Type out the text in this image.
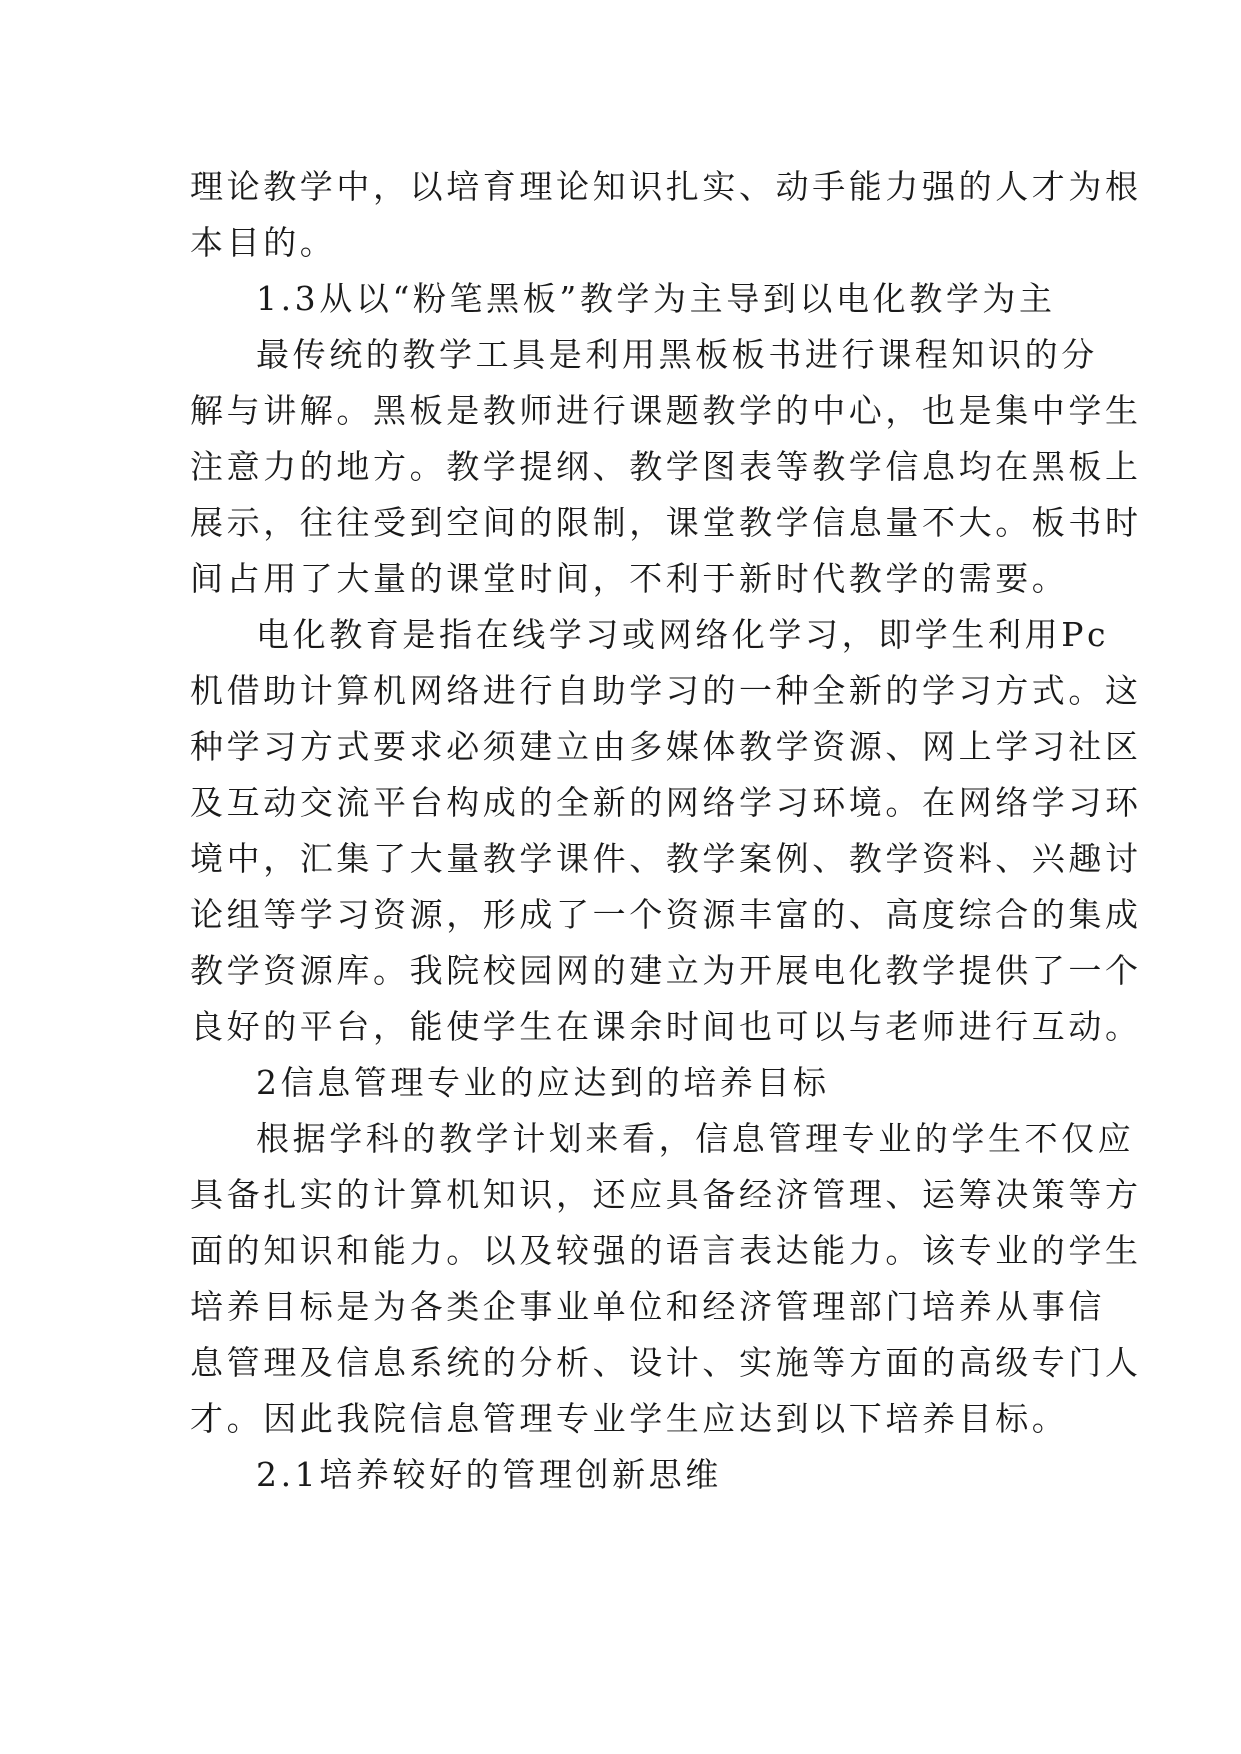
理论教学中，以培育理论知识扎实、动手能力强的人才为根
本目的。
1.3从以“粉笔黑板”教学为主导到以电化教学为主
最传统的教学工具是利用黑板板书进行课程知识的分
解与讲解。黑板是教师进行课题教学的中心，也是集中学生
注意力的地方。教学提纲、教学图表等教学信息均在黑板上
展示，往往受到空间的限制，课堂教学信息量不大。板书时
间占用了大量的课堂时间，不利于新时代教学的需要。
电化教育是指在线学习或网络化学习，即学生利用Pc
机借助计算机网络进行自助学习的一种全新的学习方式。这
种学习方式要求必须建立由多媒体教学资源、网上学习社区
及互动交流平台构成的全新的网络学习环境。在网络学习环
境中，汇集了大量教学课件、教学案例、教学资料、兴趣讨
论组等学习资源，形成了一个资源丰富的、高度综合的集成
教学资源库。我院校园网的建立为开展电化教学提供了一个
良好的平台，能使学生在课余时间也可以与老师进行互动。
2信息管理专业的应达到的培养目标
根据学科的教学计划来看，信息管理专业的学生不仅应
具备扎实的计算机知识，还应具备经济管理、运筹决策等方
面的知识和能力。以及较强的语言表达能力。该专业的学生
培养目标是为各类企事业单位和经济管理部门培养从事信
息管理及信息系统的分析、设计、实施等方面的高级专门人
才。因此我院信息管理专业学生应达到以下培养目标。
2.1培养较好的管理创新思维
